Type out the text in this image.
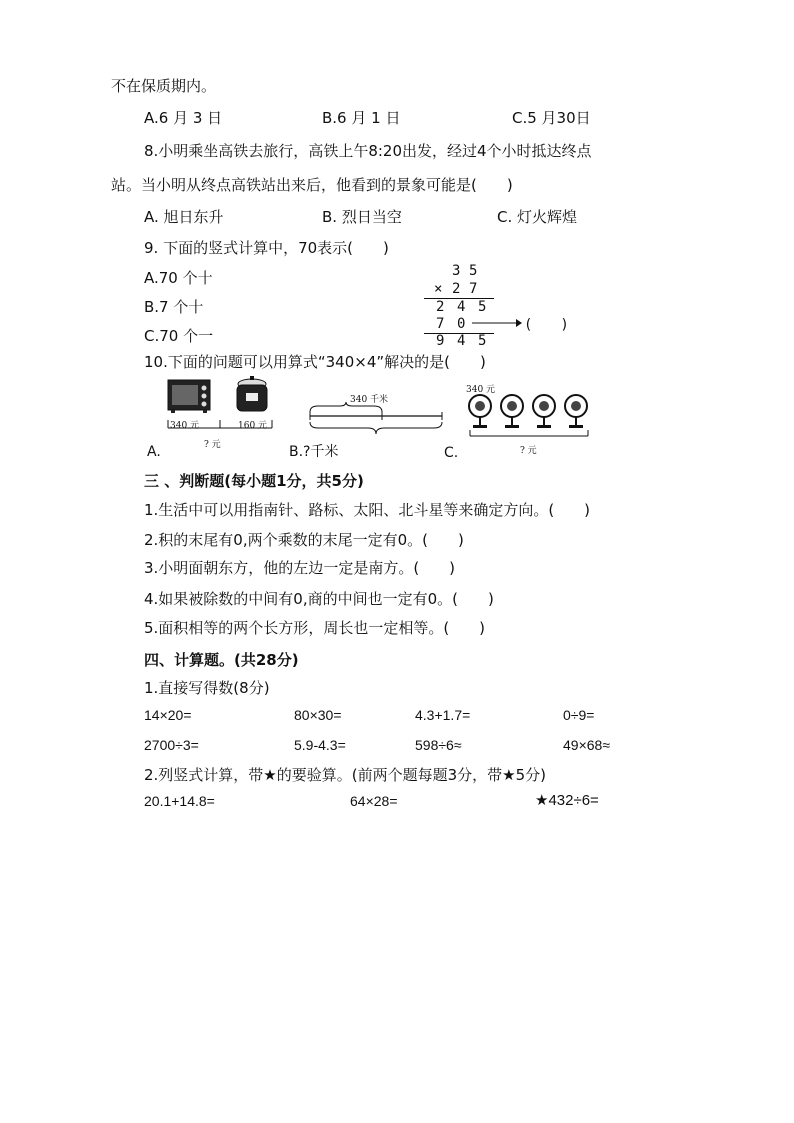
不在保质期内。
A.6 月 3 日	B.6 月 1 日	C.5 月30日
8.小明乘坐高铁去旅行，高铁上午8:20出发，经过4个小时抵达终点
站。当小明从终点高铁站出来后，他看到的景象可能是(　　)
A. 旭日东升	B. 烈日当空	C. 灯火辉煌
9. 下面的竖式计算中，70表示(　　)
A.70 个十
B.7 个十
C.70 个一
3 5
× 2 7
2 4 5
7 0	(　　)
9 4 5
10.下面的问题可以用算式“340×4”解决的是(　　)
340 元	160 元
? 元
A.
340 千米
B.?千米
340 元
? 元
C.
三 、判断题(每小题1分，共5分)
1.生活中可以用指南针、路标、太阳、北斗星等来确定方向。(　　)
2.积的末尾有0,两个乘数的末尾一定有0。(　　)
3.小明面朝东方，他的左边一定是南方。(　　)
4.如果被除数的中间有0,商的中间也一定有0。(　　)
5.面积相等的两个长方形，周长也一定相等。(　　)
四、计算题。(共28分)
1.直接写得数(8分)
14×20=	80×30=	4.3+1.7=	0÷9=
2700÷3=	5.9-4.3=	598÷6≈	49×68≈
2.列竖式计算，带★的要验算。(前两个题每题3分，带★5分)
20.1+14.8=	64×28=	★432÷6=
